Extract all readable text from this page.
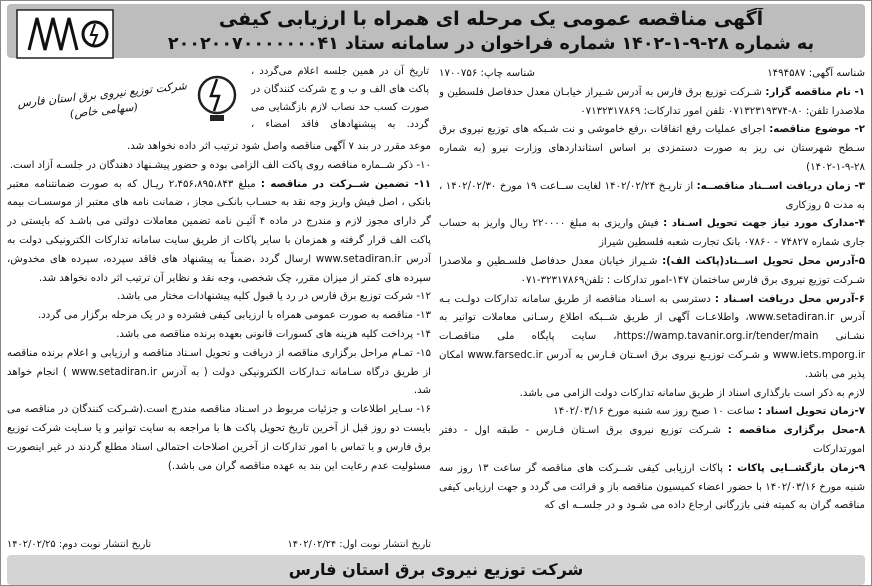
آگهی مناقصه عمومی یک مرحله ای همراه با ارزیابی کیفی
به شماره ۲۸-۹-۱-۱۴۰۲ شماره فراخوان در سامانه ستاد ۲۰۰۲۰۰۷۰۰۰۰۰۰۰۴۱

شناسه آگهی: ۱۴۹۴۵۸۷
شناسه چاپ: ۱۷۰۰۷۵۶

۱- نام مناقصه گزار: شـرکت توزیع برق فارس به آدرس شـیراز خیابـان معدل حدفاصل فلسطین و ملاصدرا تلفن: ۸۰-۰۷۱۳۲۳۱۹۳۷۴ تلفن امور تدارکات: ۰۷۱۳۲۳۱۷۸۶۹

۲- موضوع مناقصه: اجرای عملیات رفع اتفاقات ،رفع خاموشی و نت شـبکه های توزیع نیروی برق سـطح شهرستان نی ریز به صورت دستمزدی بر اساس استانداردهای وزارت نیرو (به شماره ۲۸-۹-۱-۱۴۰۲)

۳- زمان دریافت اســناد مناقصــه: از تاریـخ ۱۴۰۲/۰۲/۲۴ لغایت ســاعت ۱۹ مورخ ۱۴۰۲/۰۲/۳۰ ، به مدت ۵ روزکاری

۴-مدارک مورد نیاز جهت تحویل اسـناد : فیش واریزی به مبلغ ۲۲۰۰۰۰ ریال واریز به حساب جاری شماره ۷۴۸۲۷ - ۰۷۸۶۰ بانک تجارت شعبه فلسطین شیراز

۵-آدرس محل تحویل اســناد(پاکت الف): شـیراز خیابان معدل حدفاصل فلسـطین و ملاصدرا شـرکت توزیع نیروی برق فارس ساختمان ۱۴۷-امور تدارکات : تلفن۳۲۳۱۷۸۶۹-۰۷۱

۶-آدرس محل دریافت اسـناد : دسترسی به اسـناد مناقصه از طریق سامانه تدارکات دولـت بـه آدرس www.setadiran.ir، واطلاعـات آگهی از طریق شــبکه اطلاع رسـانی معاملات توانیر به نشـانی https://wamp.tavanir.org.ir/tender/main، سایت پایگاه ملی مناقصـات www.iets.mporg.ir و شـرکت توزیـع نیروی برق اسـتان فـارس به آدرس www.farsedc.ir امکان پذیر می باشد.

لازم به ذکر است بارگذاری اسناد از طریق سامانه تدارکات دولت الزامی می باشد.

۷-زمان تحویل اسناد : ساعت ۱۰ صبح روز سه شنبه مورخ ۱۴۰۲/۰۳/۱۶

۸-محل برگزاری مناقصه : شـرکت توزیع نیروی برق اسـتان فـارس - طبقه اول - دفتر امورتدارکات

۹-زمان بازگشــایی پاکات : پاکات ارزیابی کیفی شــرکت های مناقصه گر ساعت ۱۳ روز سه شنبه مورخ ۱۴۰۲/۰۳/۱۶ با حضور اعضاء کمیسیون مناقصه باز و قرائت می گردد و جهت ارزیابی کیفی مناقصه گران به کمیته فنی بازرگانی ارجاع داده می شـود و در جلســه ای که

تاریخ آن در همین جلسه اعلام می‌گردد ، پاکت های الف و ب و ج شرکت کنندگان در صورت کسب حد نصاب لازم بازگشایی می گردد. به پیشنهادهای فاقد امضاء ،
شرکت توزیع نیروی برق استان فارس (سهامی خاص)

موعد مقرر در بند ۷ آگهی مناقصه واصل شود ترتیب اثر داده نخواهد شد.

۱۰- ذکر شــماره مناقصه روی پاکت الف الزامی بوده و حضور پیشـنهاد دهندگان در جلسـه آزاد است.

۱۱- تضمین شــرکت در مناقصه : مبلغ ۲،۴۵۶،۸۹۵،۸۴۳ ریـال که به صورت ضمانتنامه معتبر بانکی ، اصل فیش واریز وجه نقد به حسـاب بانکـی مجاز ، ضمانت نامه های معتبر از موسسـات بیمه گر دارای مجوز لازم و مندرج در ماده ۴ آئیـن نامه تضمین معاملات دولتی می باشـد که بایستی در پاکت الف قرار گرفته و همزمان با سایر پاکات از طریق سایت سامانه تدارکات الکترونیکی دولت به آدرس www.setadiran.ir ارسال گردد ،ضمناً به پیشنهاد های فاقد سپرده، سپرده های مخدوش، سپرده های کمتر از میزان مقرر، چک شخصی، وجه نقد و نظایر آن ترتیب اثر داده نخواهد شد.

۱۲- شرکت توزیع برق فارس در رد یا قبول کلیه پیشنهادات مختار می باشد.

۱۳- مناقصه به صورت عمومی همراه با ارزیابی کیفی فشرده و در یک مرحله برگزار می گردد.

۱۴- پرداخت کلیه هزینه های کسورات قانونی بعهده برنده مناقصه می باشد.

۱۵- تمـام مراحل برگزاری مناقصه از دریافت و تحویل اسـناد مناقصه و ارزیابی و اعلام برنده مناقصه از طریق درگاه سـامانه تـدارکات الکترونیکی دولت ( به آدرس www.setadiran.ir ) انجام خواهد شد.

۱۶- سـایر اطلاعات و جزئیات مربوط در اسـناد مناقصه مندرج است.(شـرکت کنندگان در مناقصه می بایست دو روز قبل از آخرین تاریخ تحویل پاکت ها با مراجعه به سایت توانیر و یا سـایت شرکت توزیع برق فارس و یا تماس با امور تدارکات از آخرین اصلاحات احتمالی اسناد مطلع گردند در غیر اینصورت مسئولیت عدم رعایت این بند به عهده مناقصه گران می باشد.)

تاریخ انتشار نوبت اول: ۱۴۰۲/۰۲/۲۴
تاریخ انتشار نوبت دوم: ۱۴۰۲/۰۲/۲۵
شرکت توزیع نیروی برق استان فارس
